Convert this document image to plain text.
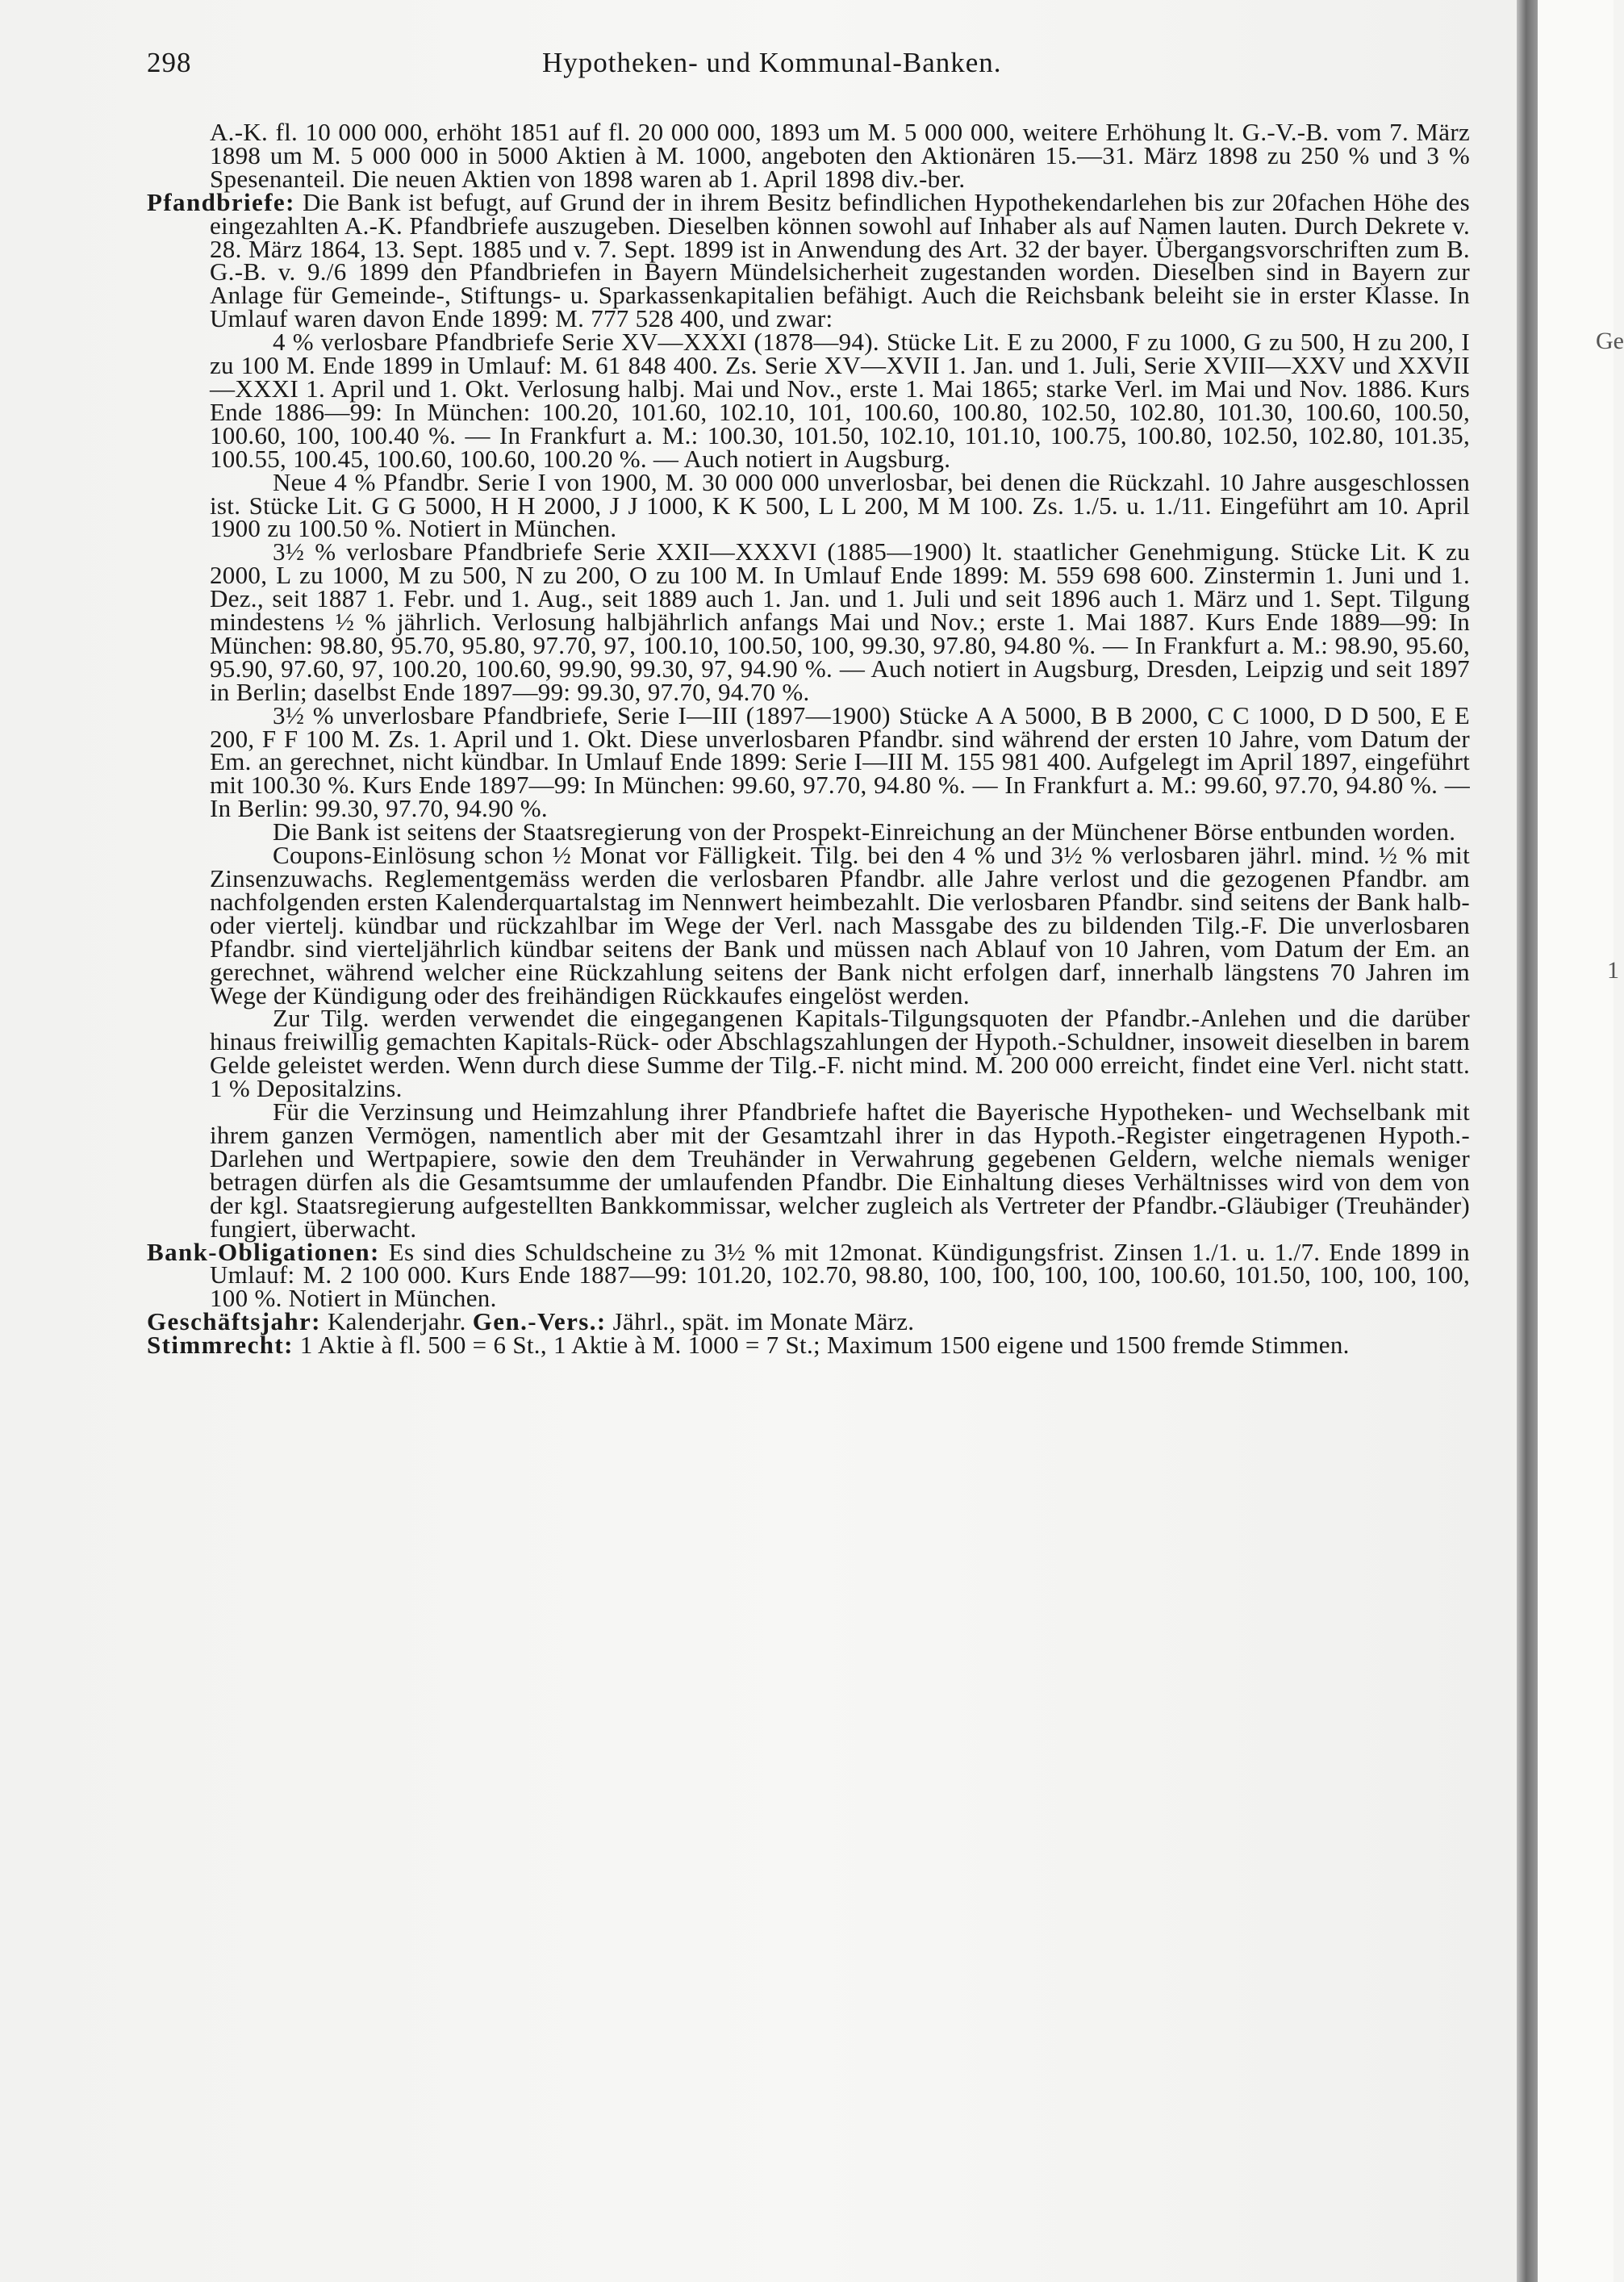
Ge
1
298	Hypotheken- und Kommunal-Banken.

A.-K. fl. 10 000 000, erhöht 1851 auf fl. 20 000 000, 1893 um M. 5 000 000, weitere Erhöhung lt. G.-V.-B. vom 7. März 1898 um M. 5 000 000 in 5000 Aktien à M. 1000, angeboten den Aktionären 15.—31. März 1898 zu 250 % und 3 % Spesenanteil. Die neuen Aktien von 1898 waren ab 1. April 1898 div.-ber.

Pfandbriefe: Die Bank ist befugt, auf Grund der in ihrem Besitz befindlichen Hypothekendarlehen bis zur 20fachen Höhe des eingezahlten A.-K. Pfandbriefe auszugeben. Dieselben können sowohl auf Inhaber als auf Namen lauten. Durch Dekrete v. 28. März 1864, 13. Sept. 1885 und v. 7. Sept. 1899 ist in Anwendung des Art. 32 der bayer. Übergangsvorschriften zum B. G.-B. v. 9./6 1899 den Pfandbriefen in Bayern Mündelsicherheit zugestanden worden. Dieselben sind in Bayern zur Anlage für Gemeinde-, Stiftungs- u. Sparkassenkapitalien befähigt. Auch die Reichsbank beleiht sie in erster Klasse. In Umlauf waren davon Ende 1899: M. 777 528 400, und zwar:

4 % verlosbare Pfandbriefe Serie XV—XXXI (1878—94). Stücke Lit. E zu 2000, F zu 1000, G zu 500, H zu 200, I zu 100 M. Ende 1899 in Umlauf: M. 61 848 400. Zs. Serie XV—XVII 1. Jan. und 1. Juli, Serie XVIII—XXV und XXVII—XXXI 1. April und 1. Okt. Verlosung halbj. Mai und Nov., erste 1. Mai 1865; starke Verl. im Mai und Nov. 1886. Kurs Ende 1886—99: In München: 100.20, 101.60, 102.10, 101, 100.60, 100.80, 102.50, 102.80, 101.30, 100.60, 100.50, 100.60, 100, 100.40 %. — In Frankfurt a. M.: 100.30, 101.50, 102.10, 101.10, 100.75, 100.80, 102.50, 102.80, 101.35, 100.55, 100.45, 100.60, 100.60, 100.20 %. — Auch notiert in Augsburg.

Neue 4 % Pfandbr. Serie I von 1900, M. 30 000 000 unverlosbar, bei denen die Rückzahl. 10 Jahre ausgeschlossen ist. Stücke Lit. G G 5000, H H 2000, J J 1000, K K 500, L L 200, M M 100. Zs. 1./5. u. 1./11. Eingeführt am 10. April 1900 zu 100.50 %. Notiert in München.

3½ % verlosbare Pfandbriefe Serie XXII—XXXVI (1885—1900) lt. staatlicher Genehmigung. Stücke Lit. K zu 2000, L zu 1000, M zu 500, N zu 200, O zu 100 M. In Umlauf Ende 1899: M. 559 698 600. Zinstermin 1. Juni und 1. Dez., seit 1887 1. Febr. und 1. Aug., seit 1889 auch 1. Jan. und 1. Juli und seit 1896 auch 1. März und 1. Sept. Tilgung mindestens ½ % jährlich. Verlosung halbjährlich anfangs Mai und Nov.; erste 1. Mai 1887. Kurs Ende 1889—99: In München: 98.80, 95.70, 95.80, 97.70, 97, 100.10, 100.50, 100, 99.30, 97.80, 94.80 %. — In Frankfurt a. M.: 98.90, 95.60, 95.90, 97.60, 97, 100.20, 100.60, 99.90, 99.30, 97, 94.90 %. — Auch notiert in Augsburg, Dresden, Leipzig und seit 1897 in Berlin; daselbst Ende 1897—99: 99.30, 97.70, 94.70 %.

3½ % unverlosbare Pfandbriefe, Serie I—III (1897—1900) Stücke A A 5000, B B 2000, C C 1000, D D 500, E E 200, F F 100 M. Zs. 1. April und 1. Okt. Diese unverlosbaren Pfandbr. sind während der ersten 10 Jahre, vom Datum der Em. an gerechnet, nicht kündbar. In Umlauf Ende 1899: Serie I—III M. 155 981 400. Aufgelegt im April 1897, eingeführt mit 100.30 %. Kurs Ende 1897—99: In München: 99.60, 97.70, 94.80 %. — In Frankfurt a. M.: 99.60, 97.70, 94.80 %. — In Berlin: 99.30, 97.70, 94.90 %.

Die Bank ist seitens der Staatsregierung von der Prospekt-Einreichung an der Münchener Börse entbunden worden.

Coupons-Einlösung schon ½ Monat vor Fälligkeit. Tilg. bei den 4 % und 3½ % verlosbaren jährl. mind. ½ % mit Zinsenzuwachs. Reglementgemäss werden die verlosbaren Pfandbr. alle Jahre verlost und die gezogenen Pfandbr. am nachfolgenden ersten Kalenderquartalstag im Nennwert heimbezahlt. Die verlosbaren Pfandbr. sind seitens der Bank halb- oder viertelj. kündbar und rückzahlbar im Wege der Verl. nach Massgabe des zu bildenden Tilg.-F. Die unverlosbaren Pfandbr. sind vierteljährlich kündbar seitens der Bank und müssen nach Ablauf von 10 Jahren, vom Datum der Em. an gerechnet, während welcher eine Rückzahlung seitens der Bank nicht erfolgen darf, innerhalb längstens 70 Jahren im Wege der Kündigung oder des freihändigen Rückkaufes eingelöst werden.

Zur Tilg. werden verwendet die eingegangenen Kapitals-Tilgungsquoten der Pfandbr.-Anlehen und die darüber hinaus freiwillig gemachten Kapitals-Rück- oder Abschlagszahlungen der Hypoth.-Schuldner, insoweit dieselben in barem Gelde geleistet werden. Wenn durch diese Summe der Tilg.-F. nicht mind. M. 200 000 erreicht, findet eine Verl. nicht statt. 1 % Depositalzins.

Für die Verzinsung und Heimzahlung ihrer Pfandbriefe haftet die Bayerische Hypotheken- und Wechselbank mit ihrem ganzen Vermögen, namentlich aber mit der Gesamtzahl ihrer in das Hypoth.-Register eingetragenen Hypoth.-Darlehen und Wertpapiere, sowie den dem Treuhänder in Verwahrung gegebenen Geldern, welche niemals weniger betragen dürfen als die Gesamtsumme der umlaufenden Pfandbr. Die Einhaltung dieses Verhältnisses wird von dem von der kgl. Staatsregierung aufgestellten Bankkommissar, welcher zugleich als Vertreter der Pfandbr.-Gläubiger (Treuhänder) fungiert, überwacht.

Bank-Obligationen: Es sind dies Schuldscheine zu 3½ % mit 12monat. Kündigungsfrist. Zinsen 1./1. u. 1./7. Ende 1899 in Umlauf: M. 2 100 000. Kurs Ende 1887—99: 101.20, 102.70, 98.80, 100, 100, 100, 100, 100.60, 101.50, 100, 100, 100, 100 %. Notiert in München.

Geschäftsjahr: Kalenderjahr. Gen.-Vers.: Jährl., spät. im Monate März.

Stimmrecht: 1 Aktie à fl. 500 = 6 St., 1 Aktie à M. 1000 = 7 St.; Maximum 1500 eigene und 1500 fremde Stimmen.
